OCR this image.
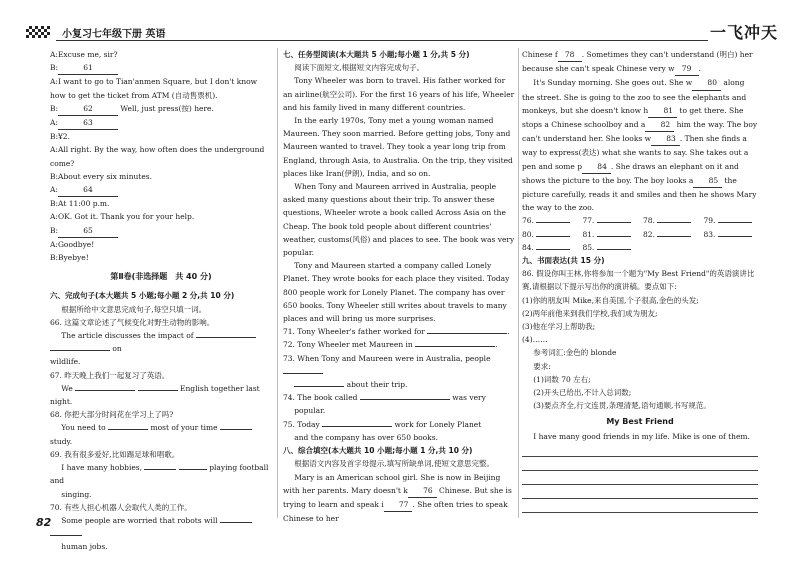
小复习七年级下册 英语	一飞冲天

A:Excuse me, sir?

B:	61

A:I want to go to Tian'anmen Square, but I don't know how to get the ticket from ATM (自动售票机).

B:	62	Well, just press(按) here.

A:	63

B:¥2.

A:All right. By the way, how often does the underground come?

B:About every six minutes.

A:	64

B:At 11:00 p.m.

A:OK. Got it. Thank you for your help.

B:	65

A:Goodbye!

B:Byebye!

第Ⅱ卷(非选择题　共 40 分)

六、完成句子(本大题共 5 小题;每小题 2 分,共 10 分)

根据所给中文意思完成句子,每空只填一词。

66. 这篇文章论述了气候变化对野生动物的影响。

The article discusses the impact of   on

wildlife.

67. 昨天晚上我们一起复习了英语。

We	English together last night.

68. 你把大部分时间花在学习上了吗?

You need to	most of your time  study.

69. 我有很多爱好,比如踢足球和唱歌。

I have many hobbies,	playing football and

singing.

70. 有些人担心机器人会取代人类的工作。

Some people are worried that robots will

human jobs.

七、任务型阅读(本大题共 5 小题;每小题 1 分,共 5 分)

阅读下面短文,根据短文内容完成句子。

Tony Wheeler was born to travel. His father worked for an airline(航空公司). For the first 16 years of his life, Wheeler and his family lived in many different countries.

In the early 1970s, Tony met a young woman named Maureen. They soon married. Before getting jobs, Tony and Maureen wanted to travel. They took a year long trip from England, through Asia, to Australia. On the trip, they visited places like Iran(伊朗), India, and so on.

When Tony and Maureen arrived in Australia, people asked many questions about their trip. To answer these questions, Wheeler wrote a book called Across Asia on the Cheap. The book told people about different countries' weather, customs(风俗) and places to see. The book was very popular.

Tony and Maureen started a company called Lonely Planet. They wrote books for each place they visited. Today 800 people work for Lonely Planet. The company has over 650 books. Tony Wheeler still writes about travels to many places and will bring us more surprises.

71. Tony Wheeler's father worked for	.

72. Tony Wheeler met Maureen in	.

73. When Tony and Maureen were in Australia, people

about their trip.

74. The book called	was very

popular.

75. Today	work for Lonely Planet

and the company has over 650 books.

八、综合填空(本大题共 10 小题;每小题 1 分,共 10 分)

根据语文内容及首字母提示,填写所缺单词,使短文意思完整。

Mary is an American school girl. She is now in Beijing with her parents. Mary doesn't k 76 Chinese. But she is trying to learn and speak i 77 . She often tries to speak Chinese to her

Chinese f 78 . Sometimes they can't understand (明白) her because she can't speak Chinese very w 79 .

It's Sunday morning. She goes out. She w 80 along the street. She is going to the zoo to see the elephants and monkeys, but she doesn't know h 81 to get there. She stops a Chinese schoolboy and a 82 him the way. The boy can't understand her. She looks w 83 . Then she finds a way to express(表达) what she wants to say. She takes out a pen and some p 84 . She draws an elephant on it and shows the picture to the boy. The boy looks a 85 the picture carefully, reads it and smiles and then he shows Mary the way to the zoo.

76.	77.	78.	79.
80.	81.	82.	83.
84.	85.

九、书面表达(共 15 分)

86. 假设你叫王林,你将参加一个题为"My Best Friend"的英语演讲比赛,请根据以下提示写出你的演讲稿。要点如下:

(1)你的朋友叫 Mike,来自美国,个子很高,金色的头发;

(2)两年前他来到我们学校,我们成为朋友;

(3)他在学习上帮助我;

(4)……

参考词汇:金色的 blonde

要求:

(1)词数 70 左右;

(2)开头已给出,不计入总词数;

(3)要点齐全,行文连贯,条理清楚,语句通顺,书写规范。

My Best Friend

I have many good friends in my life. Mike is one of them.

82
